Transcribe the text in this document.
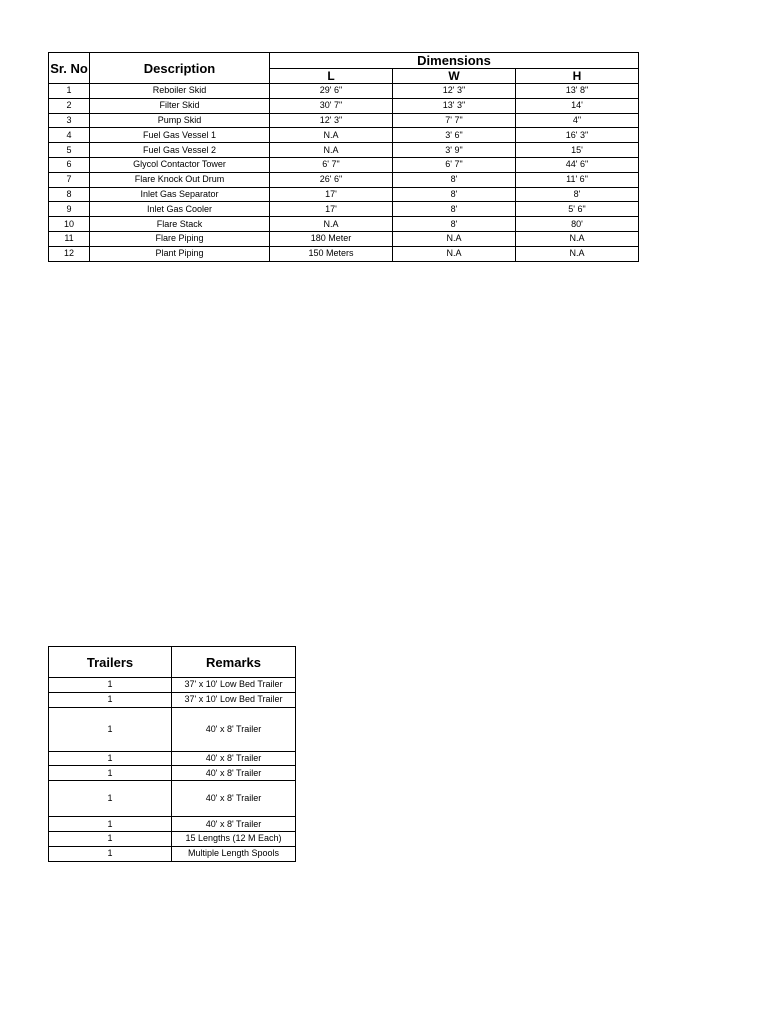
Sr. No	Description	Dimensions		
		L	W	H
1	Reboiler Skid	29' 6"	12' 3"	13' 8"
2	Filter Skid	30' 7"	13' 3"	14'
3	Pump Skid	12' 3"	7' 7"	4"
4	Fuel Gas Vessel 1	N.A	3' 6"	16' 3"
5	Fuel Gas Vessel 2	N.A	3' 9"	15'
6	Glycol Contactor Tower	6' 7"	6' 7"	44' 6"
7	Flare Knock Out Drum	26' 6"	8'	11' 6"
8	Inlet Gas Separator	17'	8'	8'
9	Inlet Gas Cooler	17'	8'	5' 6"
10	Flare Stack	N.A	8'	80'
11	Flare Piping	180 Meter	N.A	N.A
12	Plant Piping	150 Meters	N.A	N.A
Trailers	Remarks
1	37' x 10' Low Bed Trailer
1	37' x 10' Low Bed Trailer
1	40' x 8' Trailer
1	40' x 8' Trailer
1	40' x 8' Trailer
1	40' x 8' Trailer
1	40' x 8' Trailer
1	15 Lengths (12 M Each)
1	Multiple Length Spools
